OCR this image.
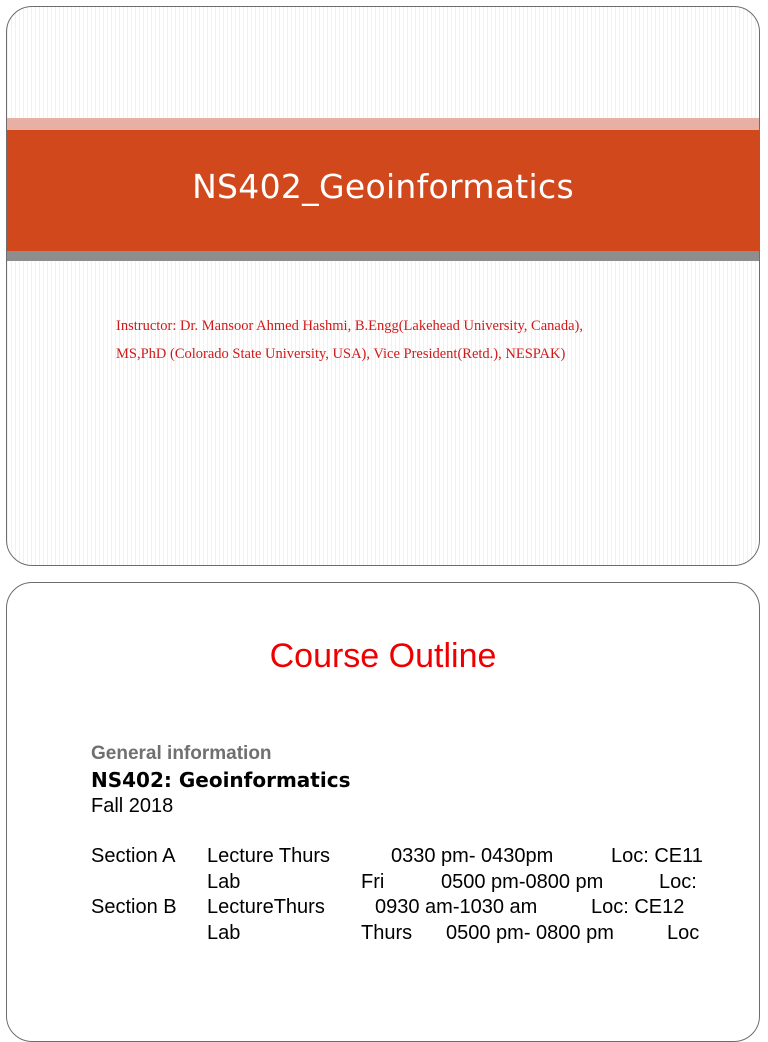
NS402_Geoinformatics
Instructor: Dr. Mansoor Ahmed Hashmi, B.Engg(Lakehead University, Canada), MS,PhD (Colorado State University, USA), Vice President(Retd.), NESPAK)
Course Outline
General information
NS402: Geoinformatics
Fall 2018
Section A Lecture Thurs	0330 pm- 0430pm	Loc: CE11
Lab	Fri	0500 pm-0800 pm	Loc:
Section B LectureThurs	0930 am-1030 am	Loc: CE12
Lab	Thurs 0500 pm- 0800 pm	Loc
